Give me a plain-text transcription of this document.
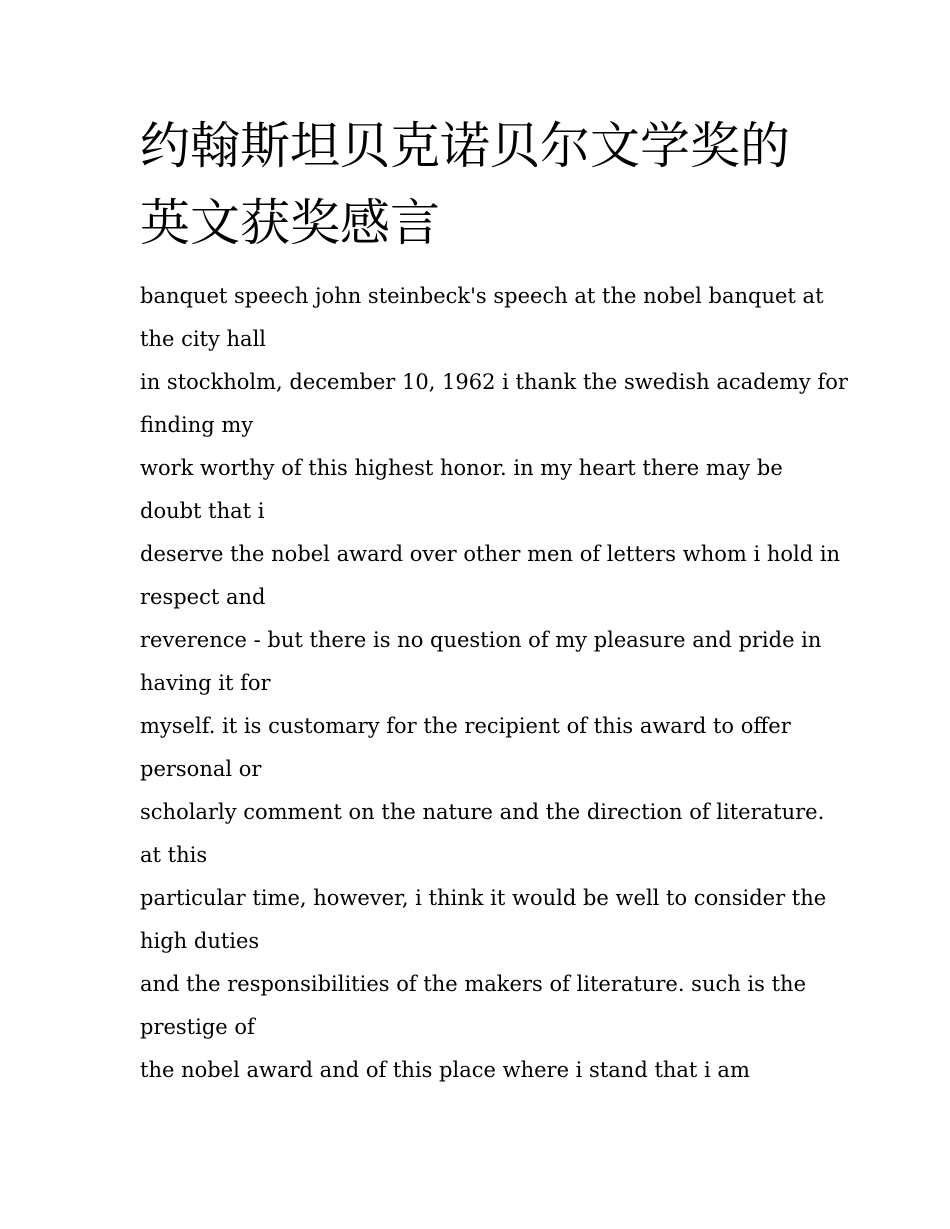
约翰斯坦贝克诺贝尔文学奖的英文获奖感言
banquet speech john steinbeck's speech at the nobel banquet at
the city hall
in stockholm, december 10, 1962 i thank the swedish academy for
finding my
work worthy of this highest honor. in my heart there may be
doubt that i
deserve the nobel award over other men of letters whom i hold in
respect and
reverence - but there is no question of my pleasure and pride in
having it for
myself. it is customary for the recipient of this award to offer
personal or
scholarly comment on the nature and the direction of literature.
at this
particular time, however, i think it would be well to consider the
high duties
and the responsibilities of the makers of literature. such is the
prestige of
the nobel award and of this place where i stand that i am
